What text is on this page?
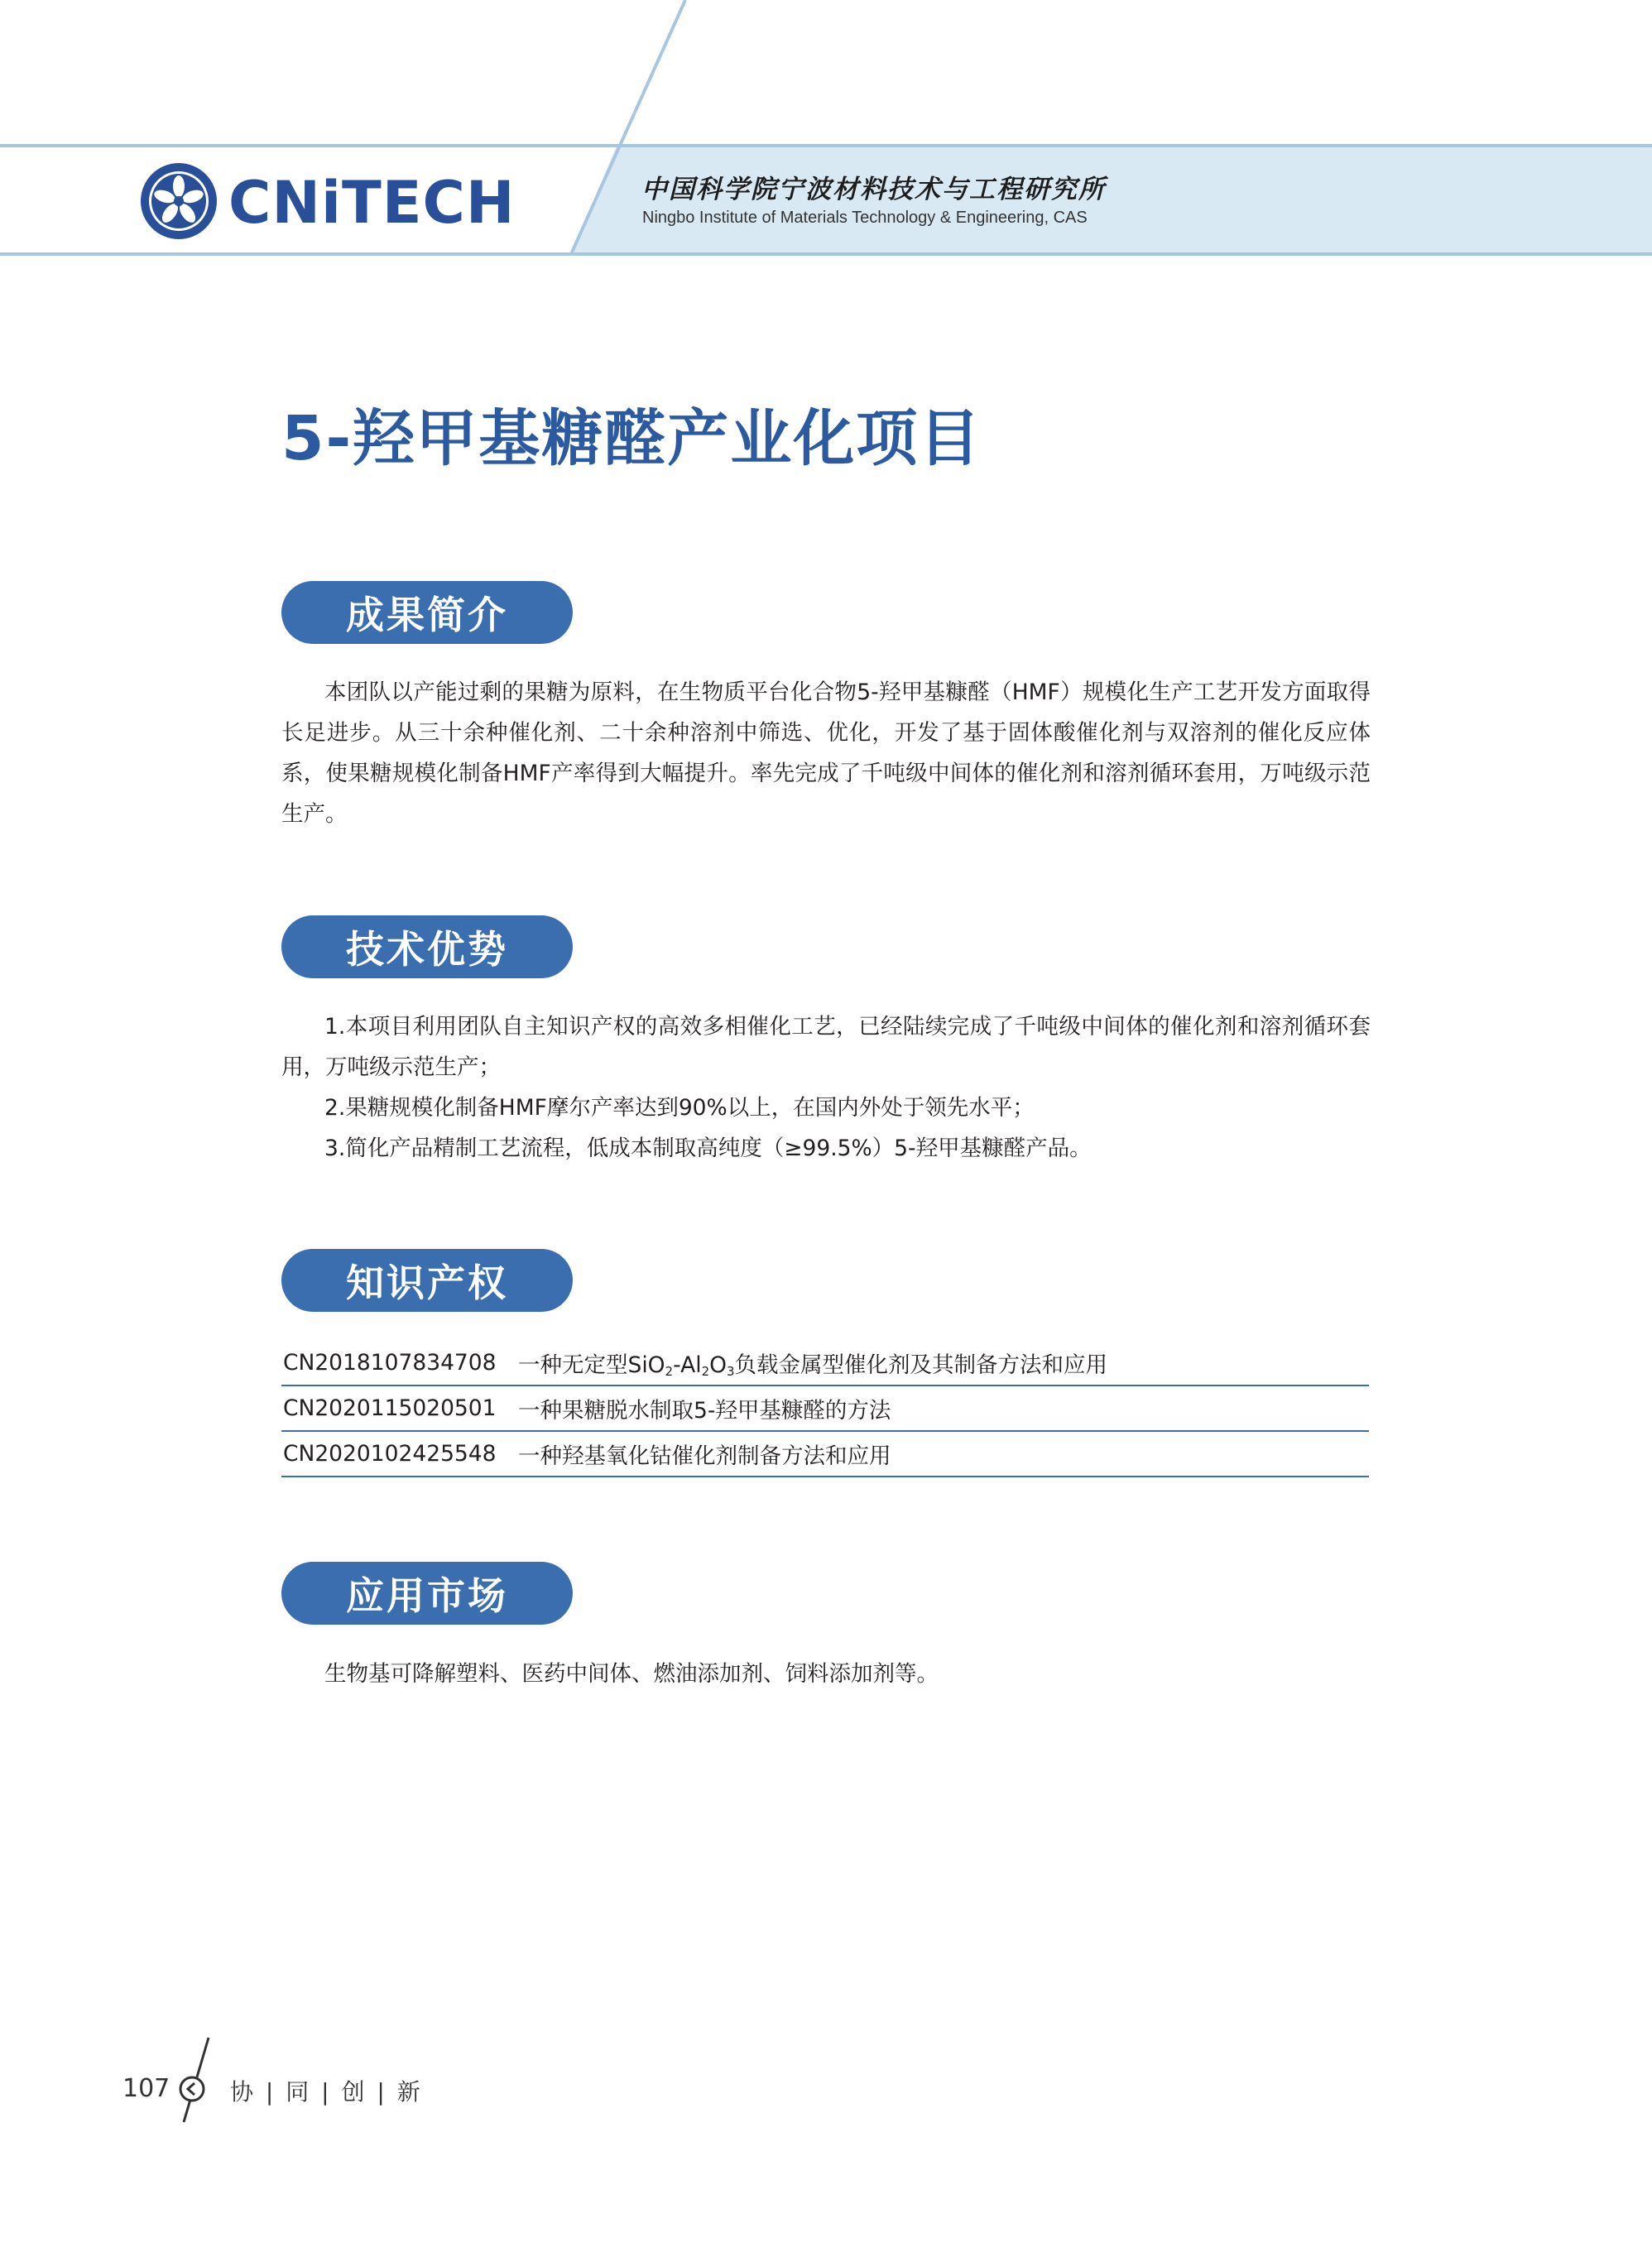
CNiTECH	中国科学院宁波材料技术与工程研究所
Ningbo Institute of Materials Technology & Engineering, CAS
5-羟甲基糖醛产业化项目
成果简介

本团队以产能过剩的果糖为原料，在生物质平台化合物5-羟甲基糠醛（HMF）规模化生产工艺开发方面取得长足进步。从三十余种催化剂、二十余种溶剂中筛选、优化，开发了基于固体酸催化剂与双溶剂的催化反应体系，使果糖规模化制备HMF产率得到大幅提升。率先完成了千吨级中间体的催化剂和溶剂循环套用，万吨级示范生产。

技术优势

1.本项目利用团队自主知识产权的高效多相催化工艺，已经陆续完成了千吨级中间体的催化剂和溶剂循环套用，万吨级示范生产；

2.果糖规模化制备HMF摩尔产率达到90%以上，在国内外处于领先水平；
3.简化产品精制工艺流程，低成本制取高纯度（≥99.5%）5-羟甲基糠醛产品。
知识产权
CN2018107834708 一种无定型$SiO_2-Al_2O_3$负载金属型催化剂及其制备方法和应用
CN2020115020501 一种果糖脱水制取5-羟甲基糠醛的方法
CN2020102425548 一种羟基氧化钴催化剂制备方法和应用
应用市场
生物基可降解塑料、医药中间体、燃油添加剂、饲料添加剂等。
107	协 | 同 | 创 | 新
